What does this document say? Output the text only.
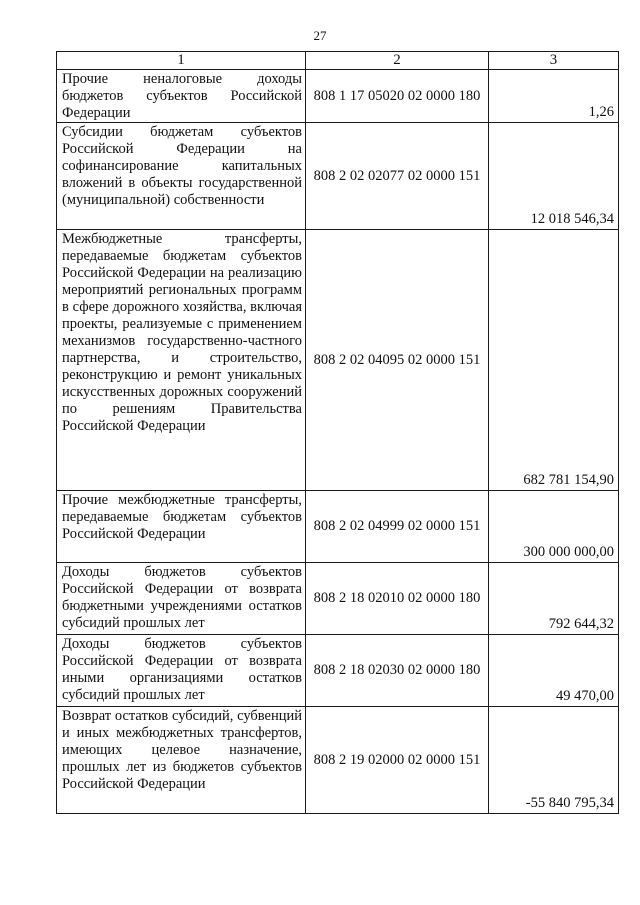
27
1	2	3
Прочие неналоговые доходы бюджетов субъектов Российской Федерации	808 1 17 05020 02 0000 180	1,26
Субсидии бюджетам субъектов Российской Федерации на софинансирование капитальных вложений в объекты государственной (муниципальной) собственности	808 2 02 02077 02 0000 151	12 018 546,34
Межбюджетные трансферты, передаваемые бюджетам субъектов Российской Федерации на реализацию мероприятий региональных программ в сфере дорожного хозяйства, включая проекты, реализуемые с применением механизмов государственно-частного партнерства, и строительство, реконструкцию и ремонт уникальных искусственных дорожных сооружений по решениям Правительства Российской Федерации	808 2 02 04095 02 0000 151	682 781 154,90
Прочие межбюджетные трансферты, передаваемые бюджетам субъектов Российской Федерации	808 2 02 04999 02 0000 151	300 000 000,00
Доходы бюджетов субъектов Российской Федерации от возврата бюджетными учреждениями остатков субсидий прошлых лет	808 2 18 02010 02 0000 180	792 644,32
Доходы бюджетов субъектов Российской Федерации от возврата иными организациями остатков субсидий прошлых лет	808 2 18 02030 02 0000 180	49 470,00
Возврат остатков субсидий, субвенций и иных межбюджетных трансфертов, имеющих целевое назначение, прошлых лет из бюджетов субъектов Российской Федерации	808 2 19 02000 02 0000 151	-55 840 795,34
